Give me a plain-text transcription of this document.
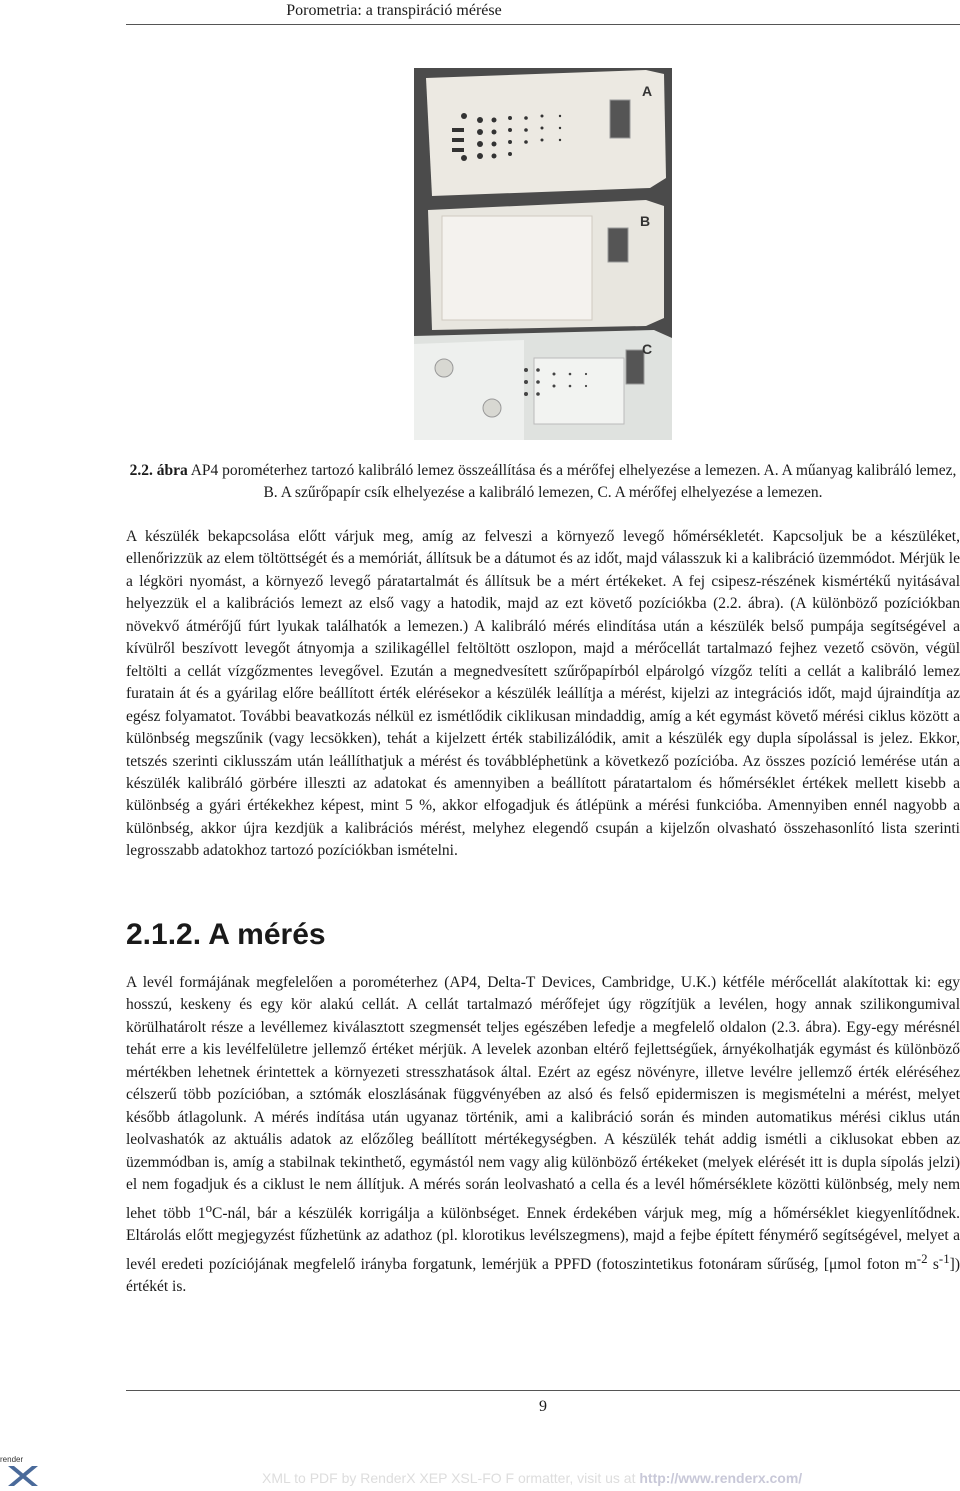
Porometria: a transpiráció mérése
A
B
C
2.2. ábra AP4 porométerhez tartozó kalibráló lemez összeállítása és a mérőfej elhelyezése a lemezen. A. A műanyag kalibráló lemez, B. A szűrőpapír csík elhelyezése a kalibráló lemezen, C. A mérőfej elhelyezése a lemezen.
A készülék bekapcsolása előtt várjuk meg, amíg az felveszi a környező levegő hőmérsékletét. Kapcsoljuk be a készüléket, ellenőrizzük az elem töltöttségét és a memóriát, állítsuk be a dátumot és az időt, majd válasszuk ki a kalibráció üzemmódot. Mérjük le a légköri nyomást, a környező levegő páratartalmát és állítsuk be a mért értékeket. A fej csipesz-részének kismértékű nyitásával helyezzük el a kalibrációs lemezt az első vagy a hatodik, majd az ezt követő pozíciókba (2.2. ábra). (A különböző pozíciókban növekvő átmérőjű fúrt lyukak találhatók a lemezen.) A kalibráló mérés elindítása után a készülék belső pumpája segítségével a kívülről beszívott levegőt átnyomja a szilikagéllel feltöltött oszlopon, majd a mérőcellát tartalmazó fejhez vezető csövön, végül feltölti a cellát vízgőzmentes levegővel. Ezután a megnedvesített szűrőpapírból elpárolgó vízgőz telíti a cellát a kalibráló lemez furatain át és a gyárilag előre beállított érték elérésekor a készülék leállítja a mérést, kijelzi az integrációs időt, majd újraindítja az egész folyamatot. További beavatkozás nélkül ez ismétlődik ciklikusan mindaddig, amíg a két egymást követő mérési ciklus között a különbség megszűnik (vagy lecsökken), tehát a kijelzett érték stabilizálódik, amit a készülék egy dupla sípolással is jelez. Ekkor, tetszés szerinti ciklusszám után leállíthatjuk a mérést és továbbléphetünk a következő pozícióba. Az összes pozíció lemérése után a készülék kalibráló görbére illeszti az adatokat és amennyiben a beállított páratartalom és hőmérséklet értékek mellett kisebb a különbség a gyári értékekhez képest, mint 5 %, akkor elfogadjuk és átlépünk a mérési funkcióba. Amennyiben ennél nagyobb a különbség, akkor újra kezdjük a kalibrációs mérést, melyhez elegendő csupán a kijelzőn olvasható összehasonlító lista szerinti legrosszabb adatokhoz tartozó pozíciókban ismételni.
2.1.2. A mérés
A levél formájának megfelelően a porométerhez (AP4, Delta-T Devices, Cambridge, U.K.) kétféle mérőcellát alakítottak ki: egy hosszú, keskeny és egy kör alakú cellát. A cellát tartalmazó mérőfejet úgy rögzítjük a levélen, hogy annak szilikongumival körülhatárolt része a levéllemez kiválasztott szegmensét teljes egészében lefedje a megfelelő oldalon (2.3. ábra). Egy-egy mérésnél tehát erre a kis levélfelületre jellemző értéket mérjük. A levelek azonban eltérő fejlettségűek, árnyékolhatják egymást és különböző mértékben lehetnek érintettek a környezeti stresszhatások által. Ezért az egész növényre, illetve levélre jellemző érték eléréséhez célszerű több pozícióban, a sztómák eloszlásának függvényében az alsó és felső epidermiszen is megismételni a mérést, melyet később átlagolunk. A mérés indítása után ugyanaz történik, ami a kalibráció során és minden automatikus mérési ciklus után leolvashatók az aktuális adatok az előzőleg beállított mértékegységben. A készülék tehát addig ismétli a ciklusokat ebben az üzemmódban is, amíg a stabilnak tekinthető, egymástól nem vagy alig különböző értékeket (melyek elérését itt is dupla sípolás jelzi) el nem fogadjuk és a ciklust le nem állítjuk. A mérés során leolvasható a cella és a levél hőmérséklete közötti különbség, mely nem lehet több 1$^o$C-nál, bár a készülék korrigálja a különbséget. Ennek érdekében várjuk meg, míg a hőmérséklet kiegyenlítődnek. Eltárolás előtt megjegyzést fűzhetünk az adathoz (pl. klorotikus levélszegmens), majd a fejbe épített fénymérő segítségével, melyet a levél eredeti pozíciójának megfelelő irányba forgatunk, lemérjük a PPFD (fotoszintetikus fotonáram sűrűség, [μmol foton $m^{-2}$ $s^{-1}$]) értékét is.
9
render
XML to PDF by RenderX XEP XSL-FO F ormatter, visit us at http://www.renderx.com/
